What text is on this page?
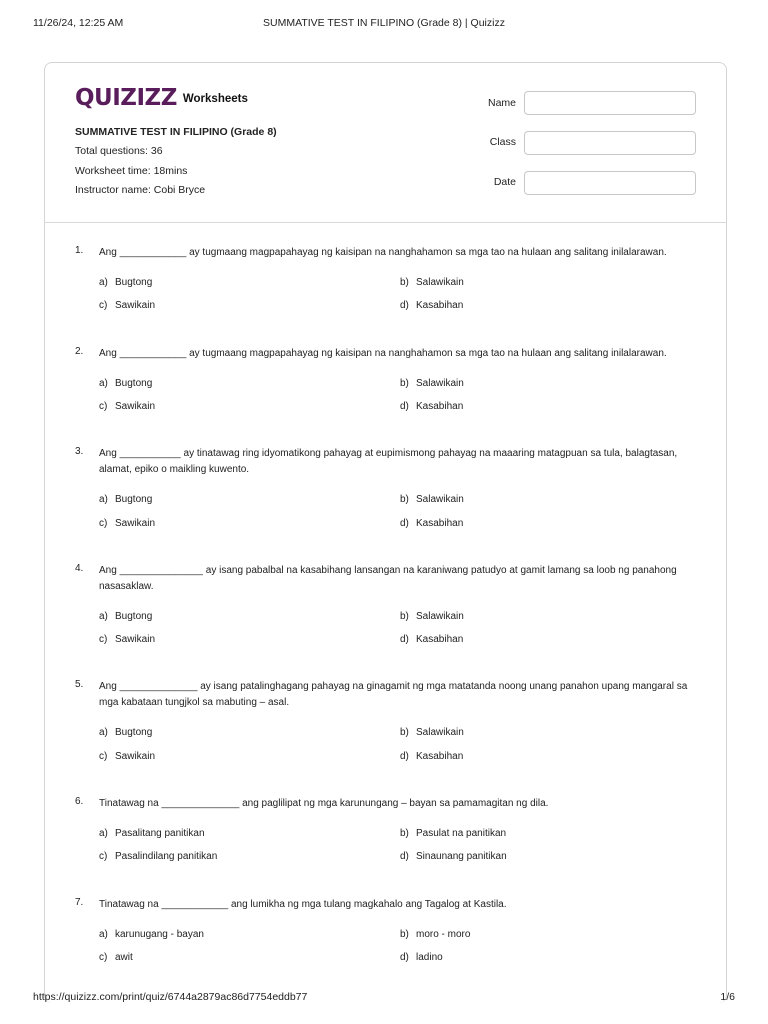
11/26/24, 12:25 AM	SUMMATIVE TEST IN FILIPINO (Grade 8) | Quizizz
QUIZIZZ Worksheets
SUMMATIVE TEST IN FILIPINO (Grade 8)
Total questions: 36
Worksheet time: 18mins
Instructor name: Cobi Bryce
Name
Class
Date
1. Ang ____________ ay tugmaang magpapahayag ng kaisipan na nanghahamon sa mga tao na hulaan ang salitang inilalarawan.
a) Bugtong	b) Salawikain
c) Sawikain	d) Kasabihan
2. Ang ____________ ay tugmaang magpapahayag ng kaisipan na nanghahamon sa mga tao na hulaan ang salitang inilalarawan.
a) Bugtong	b) Salawikain
c) Sawikain	d) Kasabihan
3. Ang ___________ ay tinatawag ring idyomatikong pahayag at eupimismong pahayag na maaaring matagpuan sa tula, balagtasan, alamat, epiko o maikling kuwento.
a) Bugtong	b) Salawikain
c) Sawikain	d) Kasabihan
4. Ang _______________ ay isang pabalbal na kasabihang lansangan na karaniwang patudyo at gamit lamang sa loob ng panahong nasasaklaw.
a) Bugtong	b) Salawikain
c) Sawikain	d) Kasabihan
5. Ang ______________ ay isang patalinghagang pahayag na ginagamit ng mga matatanda noong unang panahon upang mangaral sa mga kabataan tungjkol sa mabuting – asal.
a) Bugtong	b) Salawikain
c) Sawikain	d) Kasabihan
6. Tinatawag na ______________ ang paglilipat ng mga karunungang – bayan sa pamamagitan ng dila.
a) Pasalitang panitikan	b) Pasulat na panitikan
c) Pasalindilang panitikan	d) Sinaunang panitikan
7. Tinatawag na ____________ ang lumikha ng mga tulang magkahalo ang Tagalog at Kastila.
a) karunugang - bayan	b) moro - moro
c) awit	d) ladino
https://quizizz.com/print/quiz/6744a2879ac86d7754eddb77	1/6
